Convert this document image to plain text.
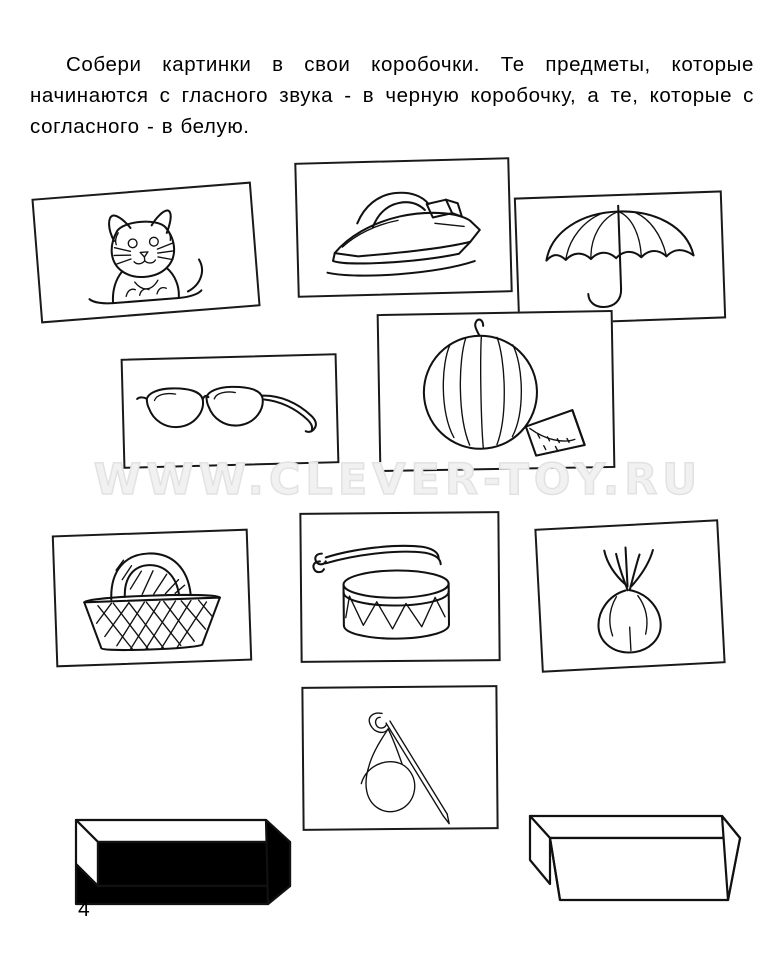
Собери картинки в свои коробочки. Те предметы, которые начинаются с гласного звука - в черную коробочку, а те, которые с согласного - в белую.

WWW.CLEVER-TOY.RU
4
